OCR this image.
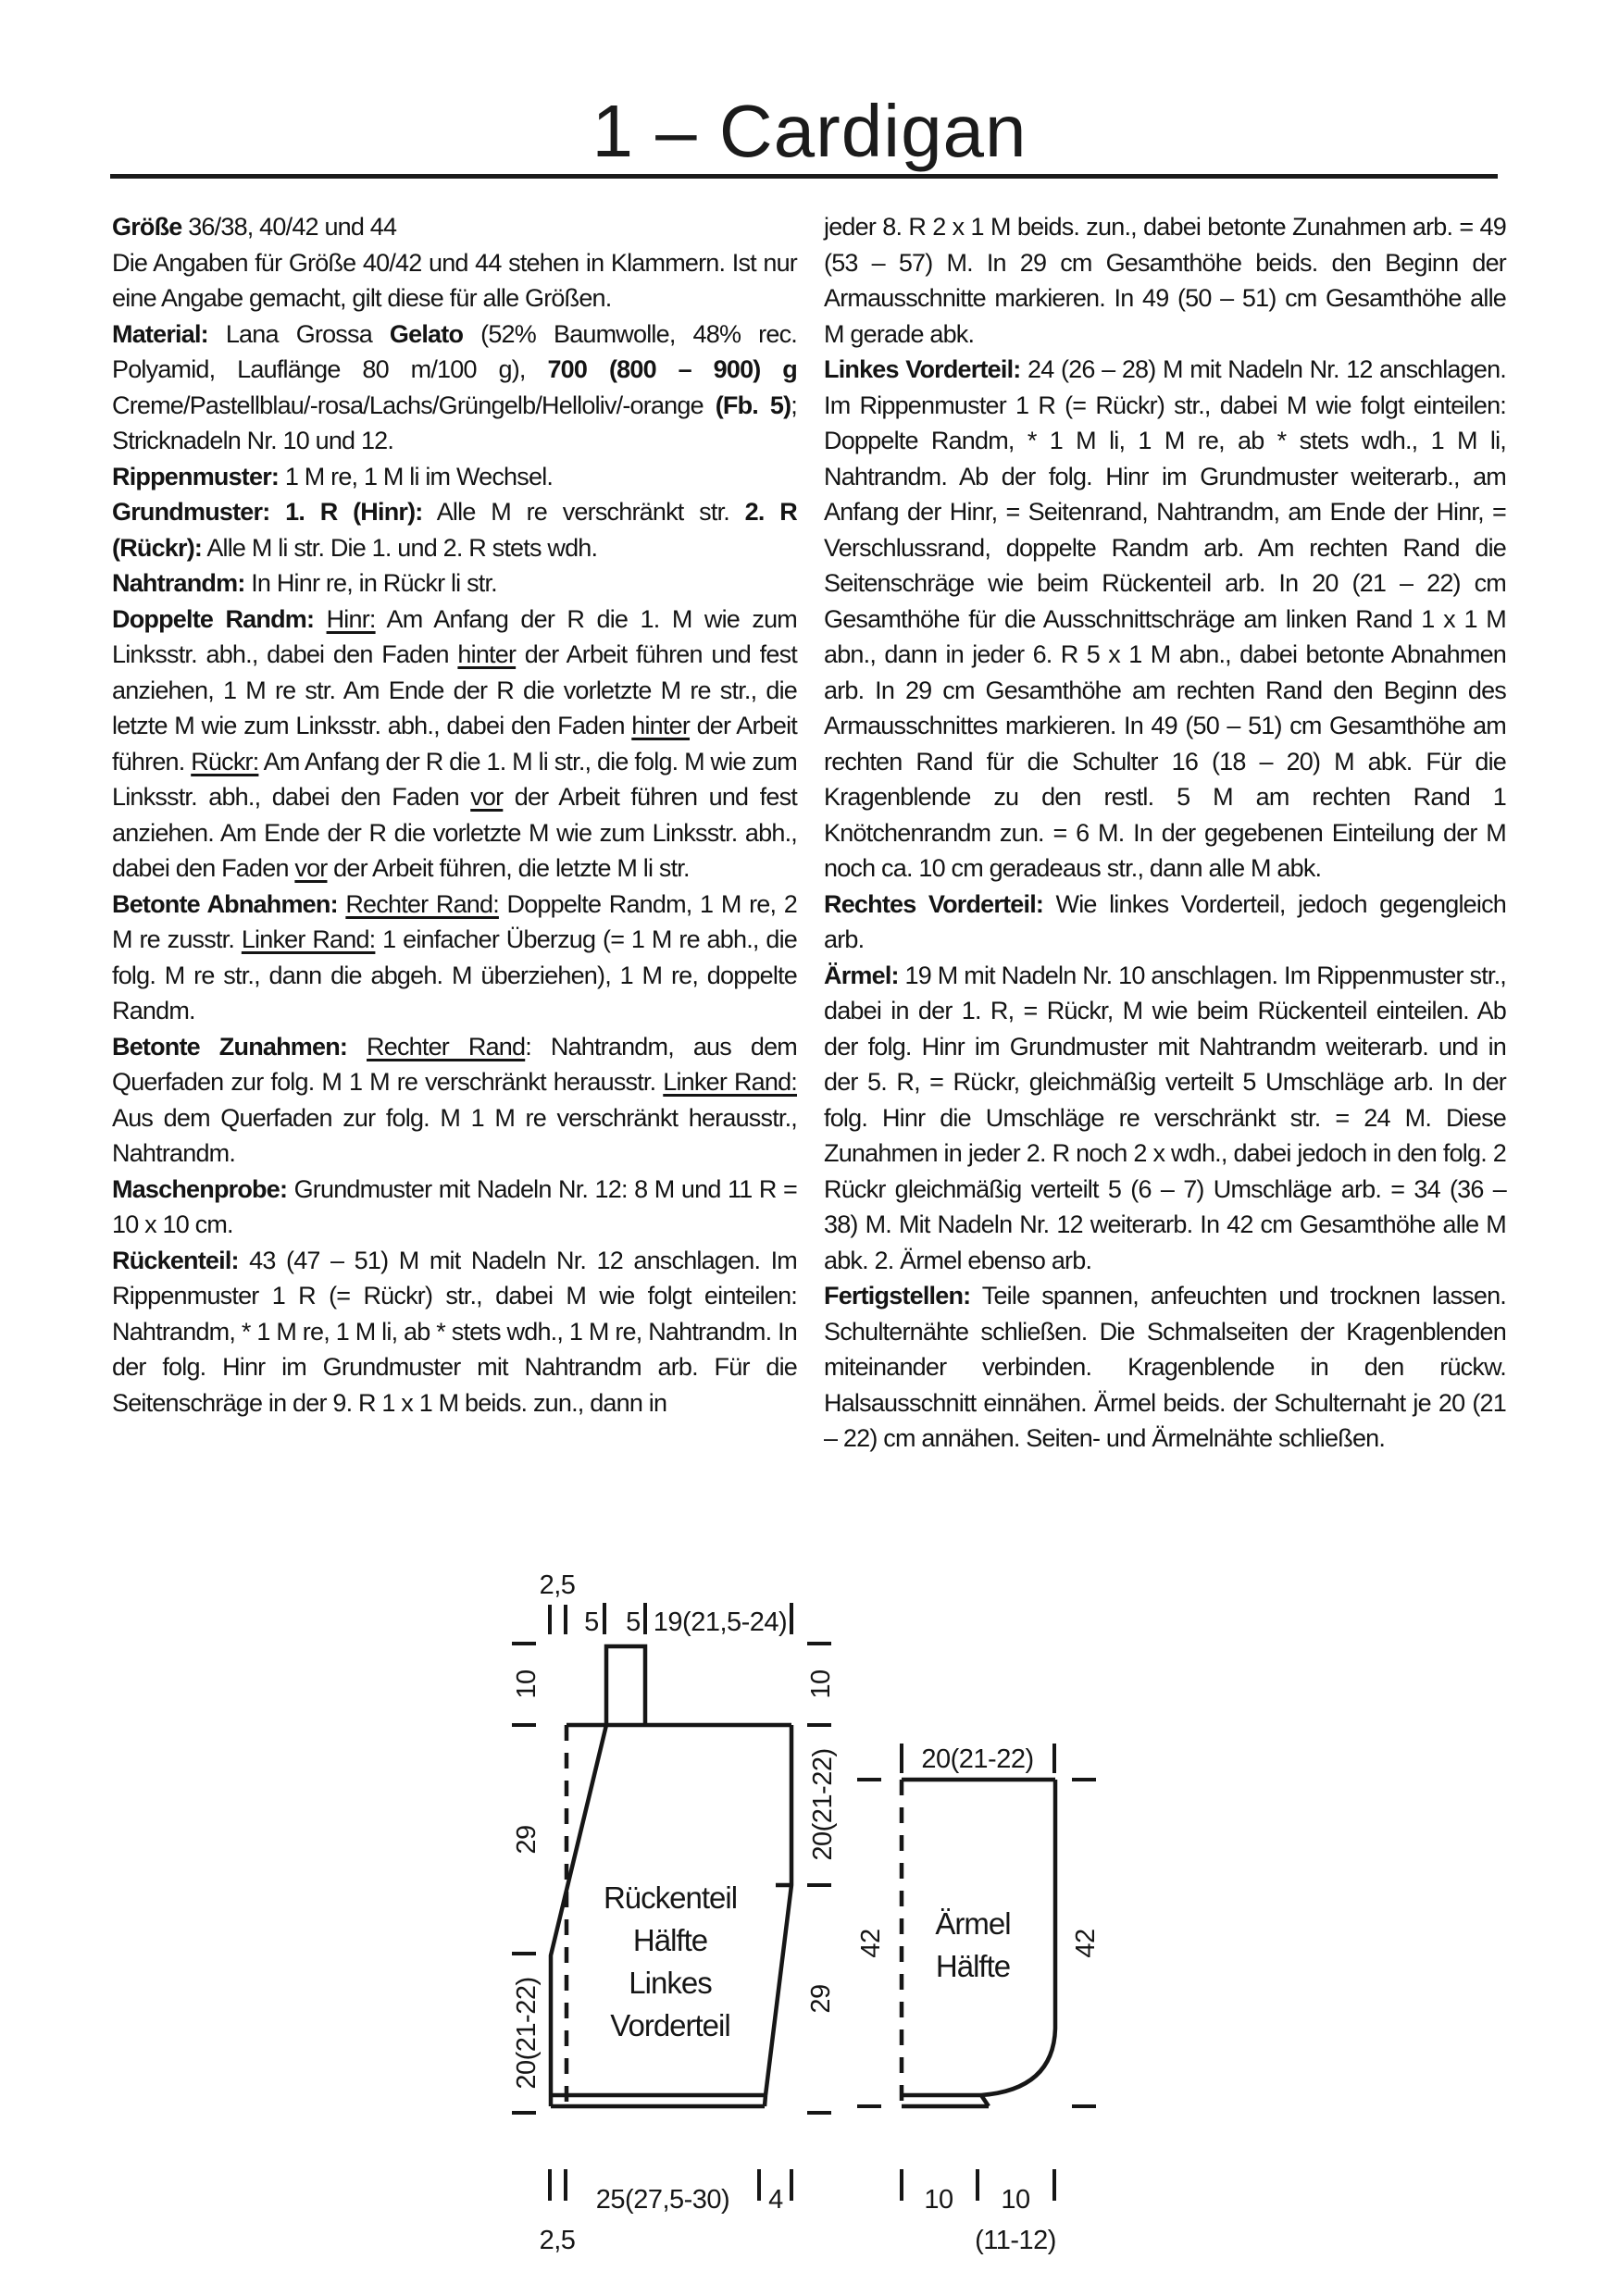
1 – Cardigan

Größe 36/38, 40/42 und 44

Die Angaben für Größe 40/42 und 44 stehen in Klammern. Ist nur eine Angabe gemacht, gilt diese für alle Größen.

Material: Lana Grossa Gelato (52% Baumwolle, 48% rec. Polyamid, Lauflänge 80 m/100 g), 700 (800 – 900) g Creme/Pastellblau/-rosa/Lachs/Grüngelb/Helloliv/-orange (Fb. 5); Stricknadeln Nr. 10 und 12.

Rippenmuster: 1 M re, 1 M li im Wechsel.

Grundmuster: 1. R (Hinr): Alle M re verschränkt str. 2. R (Rückr): Alle M li str. Die 1. und 2. R stets wdh.

Nahtrandm: In Hinr re, in Rückr li str.

Doppelte Randm: Hinr: Am Anfang der R die 1. M wie zum Linksstr. abh., dabei den Faden hinter der Arbeit führen und fest anziehen, 1 M re str. Am Ende der R die vorletzte M re str., die letzte M wie zum Linksstr. abh., dabei den Faden hinter der Arbeit führen. Rückr: Am Anfang der R die 1. M li str., die folg. M wie zum Linksstr. abh., dabei den Faden vor der Arbeit führen und fest anziehen. Am Ende der R die vorletzte M wie zum Linksstr. abh., dabei den Faden vor der Arbeit führen, die letzte M li str.

Betonte Abnahmen: Rechter Rand: Doppelte Randm, 1 M re, 2 M re zusstr. Linker Rand: 1 einfacher Überzug (= 1 M re abh., die folg. M re str., dann die abgeh. M überziehen), 1 M re, doppelte Randm.

Betonte Zunahmen: Rechter Rand: Nahtrandm, aus dem Querfaden zur folg. M 1 M re verschränkt herausstr. Linker Rand: Aus dem Querfaden zur folg. M 1 M re verschränkt herausstr., Nahtrandm.

Maschenprobe: Grundmuster mit Nadeln Nr. 12: 8 M und 11 R = 10 x 10 cm.

Rückenteil: 43 (47 – 51) M mit Nadeln Nr. 12 anschlagen. Im Rippenmuster 1 R (= Rückr) str., dabei M wie folgt einteilen: Nahtrandm, * 1 M re, 1 M li, ab * stets wdh., 1 M re, Nahtrandm. In der folg. Hinr im Grundmuster mit Nahtrandm arb. Für die Seitenschräge in der 9. R 1 x 1 M beids. zun., dann in

jeder 8. R 2 x 1 M beids. zun., dabei betonte Zunahmen arb. = 49 (53 – 57) M. In 29 cm Gesamthöhe beids. den Beginn der Armausschnitte markieren. In 49 (50 – 51) cm Gesamthöhe alle M gerade abk.

Linkes Vorderteil: 24 (26 – 28) M mit Nadeln Nr. 12 anschlagen. Im Rippenmuster 1 R (= Rückr) str., dabei M wie folgt einteilen: Doppelte Randm, * 1 M li, 1 M re, ab * stets wdh., 1 M li, Nahtrandm. Ab der folg. Hinr im Grundmuster weiterarb., am Anfang der Hinr, = Seitenrand, Nahtrandm, am Ende der Hinr, = Verschlussrand, doppelte Randm arb. Am rechten Rand die Seitenschräge wie beim Rückenteil arb. In 20 (21 – 22) cm Gesamthöhe für die Ausschnittschräge am linken Rand 1 x 1 M abn., dann in jeder 6. R 5 x 1 M abn., dabei betonte Abnahmen arb. In 29 cm Gesamthöhe am rechten Rand den Beginn des Armausschnittes markieren. In 49 (50 – 51) cm Gesamthöhe am rechten Rand für die Schulter 16 (18 – 20) M abk. Für die Kragenblende zu den restl. 5 M am rechten Rand 1 Knötchenrandm zun. = 6 M. In der gegebenen Einteilung der M noch ca. 10 cm geradeaus str., dann alle M abk.

Rechtes Vorderteil: Wie linkes Vorderteil, jedoch gegengleich arb.

Ärmel: 19 M mit Nadeln Nr. 10 anschlagen. Im Rippenmuster str., dabei in der 1. R, = Rückr, M wie beim Rückenteil einteilen. Ab der folg. Hinr im Grundmuster mit Nahtrandm weiterarb. und in der 5. R, = Rückr, gleichmäßig verteilt 5 Umschläge arb. In der folg. Hinr die Umschläge re verschränkt str. = 24 M. Diese Zunahmen in jeder 2. R noch 2 x wdh., dabei jedoch in den folg. 2 Rückr gleichmäßig verteilt 5 (6 – 7) Umschläge arb. = 34 (36 – 38) M. Mit Nadeln Nr. 12 weiterarb. In 42 cm Gesamthöhe alle M abk. 2. Ärmel ebenso arb.

Fertigstellen: Teile spannen, anfeuchten und trocknen lassen. Schulternähte schließen. Die Schmalseiten der Kragenblenden miteinander verbinden. Kragenblende in den rückw. Halsausschnitt einnähen. Ärmel beids. der Schulternaht je 20 (21 – 22) cm annähen. Seiten- und Ärmelnähte schließen.

Rückenteil
Hälfte
Linkes
Vorderteil
2,5
5 5 19(21,5-24)
10
29
20(21-22)
10
20(21-22)
29
2,5
25(27,5-30) 4
Ärmel
Hälfte
20(21-22)
42	42
10 10
(11-12)
